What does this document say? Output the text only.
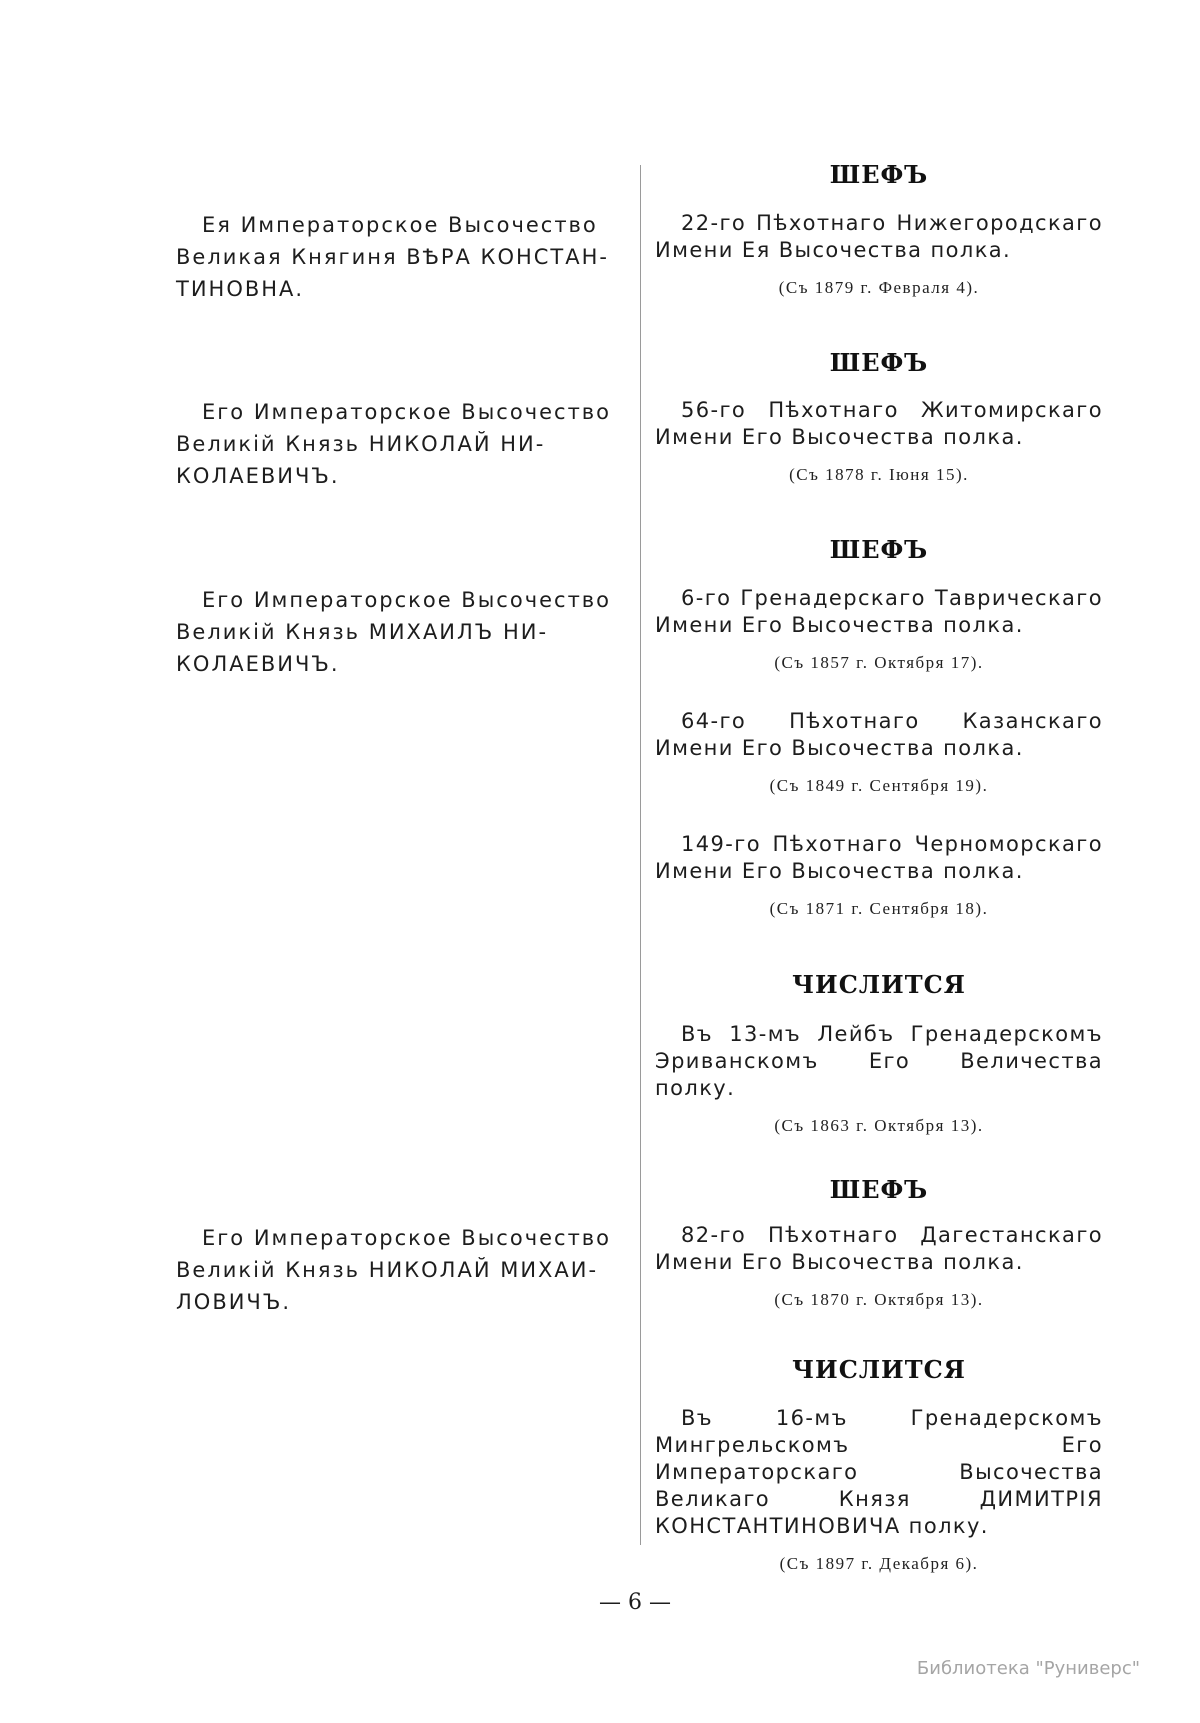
Ея Императорское Высочество
Великая Княгиня ВѢРА КОНСТАН-
ТИНОВНА.
Его Императорское Высочество
Великiй Князь НИКОЛАЙ НИ-
КОЛАЕВИЧЪ.
Его Императорское Высочество
Великiй Князь МИХАИЛЪ НИ-
КОЛАЕВИЧЪ.
Его Императорское Высочество
Великiй Князь НИКОЛАЙ МИХАИ-
ЛОВИЧЪ.
ШЕФЪ
22-го Пѣхотнаго Нижегородскаго Имени Ея Высочества полка.
(Съ 1879 г. Февраля 4).
ШЕФЪ
56-го Пѣхотнаго Житомирскаго Имени Его Высочества полка.
(Съ 1878 г. Iюня 15).
ШЕФЪ
6-го Гренадерскаго Таврическаго Имени Его Высочества полка.
(Съ 1857 г. Октября 17).
64-го Пѣхотнаго Казанскаго Имени Его Высочества полка.
(Съ 1849 г. Сентября 19).
149-го Пѣхотнаго Черноморскаго Имени Его Высочества полка.
(Съ 1871 г. Сентября 18).
ЧИСЛИТСЯ
Въ 13-мъ Лейбъ Гренадерскомъ Эриванскомъ Его Величества полку.
(Съ 1863 г. Октября 13).
ШЕФЪ
82-го Пѣхотнаго Дагестанскаго Имени Его Высочества полка.
(Съ 1870 г. Октября 13).
ЧИСЛИТСЯ
Въ 16-мъ Гренадерскомъ Мингрельскомъ Его Императорскаго Высочества Великаго Князя ДИМИТРIЯ КОНСТАНТИНОВИЧА полку.
(Съ 1897 г. Декабря 6).
— 6 —
Библиотека "Руниверс"
